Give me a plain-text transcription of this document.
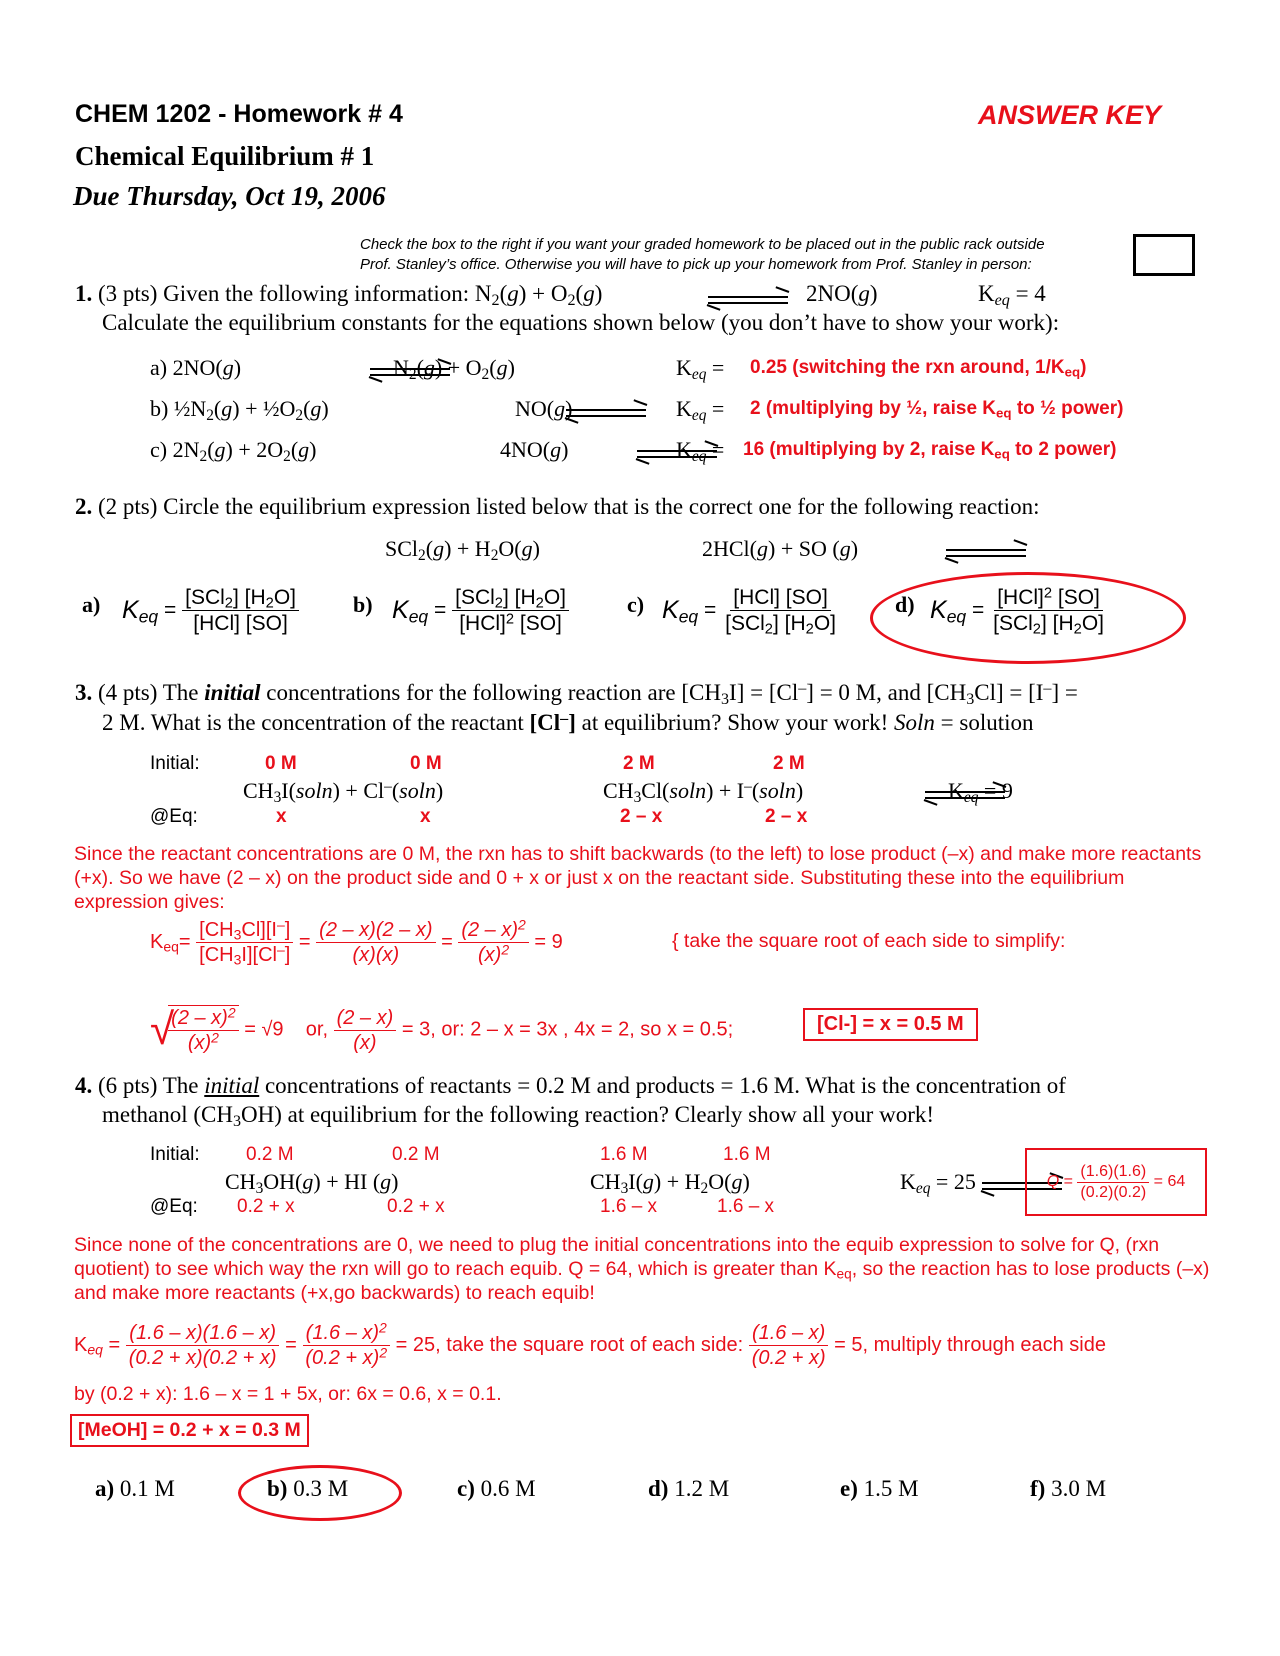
CHEM 1202 - Homework # 4	ANSWER KEY
Chemical Equilibrium # 1
Due Thursday, Oct 19, 2006
Check the box to the right if you want your graded homework to be placed out in the public rack outside
Prof. Stanley’s office. Otherwise you will have to pick up your homework from Prof. Stanley in person:
1. (3 pts) Given the following information: $N_2(g) + O_2(g)$
	2NO(g)	$K_{eq} = 4$
Calculate the equilibrium constants for the equations shown below (you don’t have to show your work):
a) 2NO(g)
	$N_2(g) + O_2(g)$	$K_{eq} = 0.25$ (switching the rxn around, $1/K_{eq}$)
b) $\frac{1}{2}N_2(g)$ + $\frac{1}{2}O_2(g)$
	NO(g)	$K_{eq} = 2$ (multiplying by ½, raise $K_{eq}$ to ½ power)
c) $2N_2(g) + 2O_2(g)$
	4NO(g)	$K_{eq} = 16$ (multiplying by 2, raise $K_{eq}$ to 2 power)
2. (2 pts) Circle the equilibrium expression listed below that is the correct one for the following reaction:
$SCl_2(g) + H_2O(g)$
	2HCl(g) + SO (g)
a) $K_{eq} = \frac{[SCl_2] [H_2O]}{\text{[HCl] [SO]}} b$) $K_{eq} = \frac{[SCl_2] [H_2O]}{[HCl]^2 [SO]}$	c) $K_{eq} = \frac{\text{[HCl] [SO]}}{[SCl_2] [H_2O]}$	d) $K_{eq} = \frac{[HCl]^2 [SO]}{[SCl_2] [H_2O]}$
3. (4 pts) The initial concentrations for the following reaction are $[CH_3I] = [Cl^-] = 0$ M, and $[CH_3Cl] = [I^-]$ =
2 M. What is the concentration of the reactant [Cl–] at equilibrium? Show your work! Soln = solution
Initial:	0 M	0 M	2 M	2 M
$CH_3I(soln) + Cl^-(soln)$
	$CH_3Cl(soln) + I^-(soln)$	$K_{eq} = 9$
@Eq:	x	x	2 – x	2 – x

Since the reactant concentrations are 0 M, the rxn has to shift backwards (to the left) to lose product (–x) and make more reactants (+x). So we have (2 – x) on the product side and 0 + x or just x on the reactant side. Substituting these into the equilibrium expression gives:

$K_{eq}= \frac{[CH_3Cl][I^-]}{[CH_3I][Cl^-]} = \frac{(2 - x)(2 - x)}{(x)(x)} = \frac{(2 - x)^2}{(x)^2} = 9$	{ take the square root of each side to simplify:
√
$\frac{(2 - x)^2}{(x)^2} = √9$    or, $\frac{(2 - x)}{(x)} = 3$, or: 2 – x = 3x , 4x = 2, so x = 0.5;	[Cl-] = x = 0.5 M
4. (6 pts) The initial concentrations of reactants = 0.2 M and products = 1.6 M. What is the concentration of
methanol $(CH_3OH)$ at equilibrium for the following reaction? Clearly show all your work!
Initial: 0.2 M	0.2 M	1.6 M	1.6 M
$CH_3OH(g)$ + HI (g)	$CH_3I(g) + H_2O(g)$	$K_{eq} = 25$	$Q = \frac{(1.6)(1.6)}{(0.2)(0.2)}$
= 64
@Eq: 0.2 + x	0.2 + x	1.6 – x	1.6 – x

Since none of the concentrations are 0, we need to plug the initial concentrations into the equib expression to solve for Q, (rxn quotient) to see which way the rxn will go to reach equib. Q = 64, which is greater than $K_{eq}$, so the reaction has to lose products (–x) and make more reactants (+x,go backwards) to reach equib!

$K_{eq} = \frac{(1.6 - x)(1.6 - x)}{(0.2 + x)(0.2 + x)} = \frac{(1.6 - x)^2}{(0.2 + x)^2} = 25$, take the square root of each side: $\frac{(1.6 - x)}{(0.2 + x)} = 5$, multiply through each side
by (0.2 + x): 1.6 – x = 1 + 5x, or: 6x = 0.6, x = 0.1.
[MeOH] = 0.2 + x = 0.3 M
a) 0.1 M	b) 0.3 M	c) 0.6 M	d) 1.2 M	e) 1.5 M	f) 3.0 M
